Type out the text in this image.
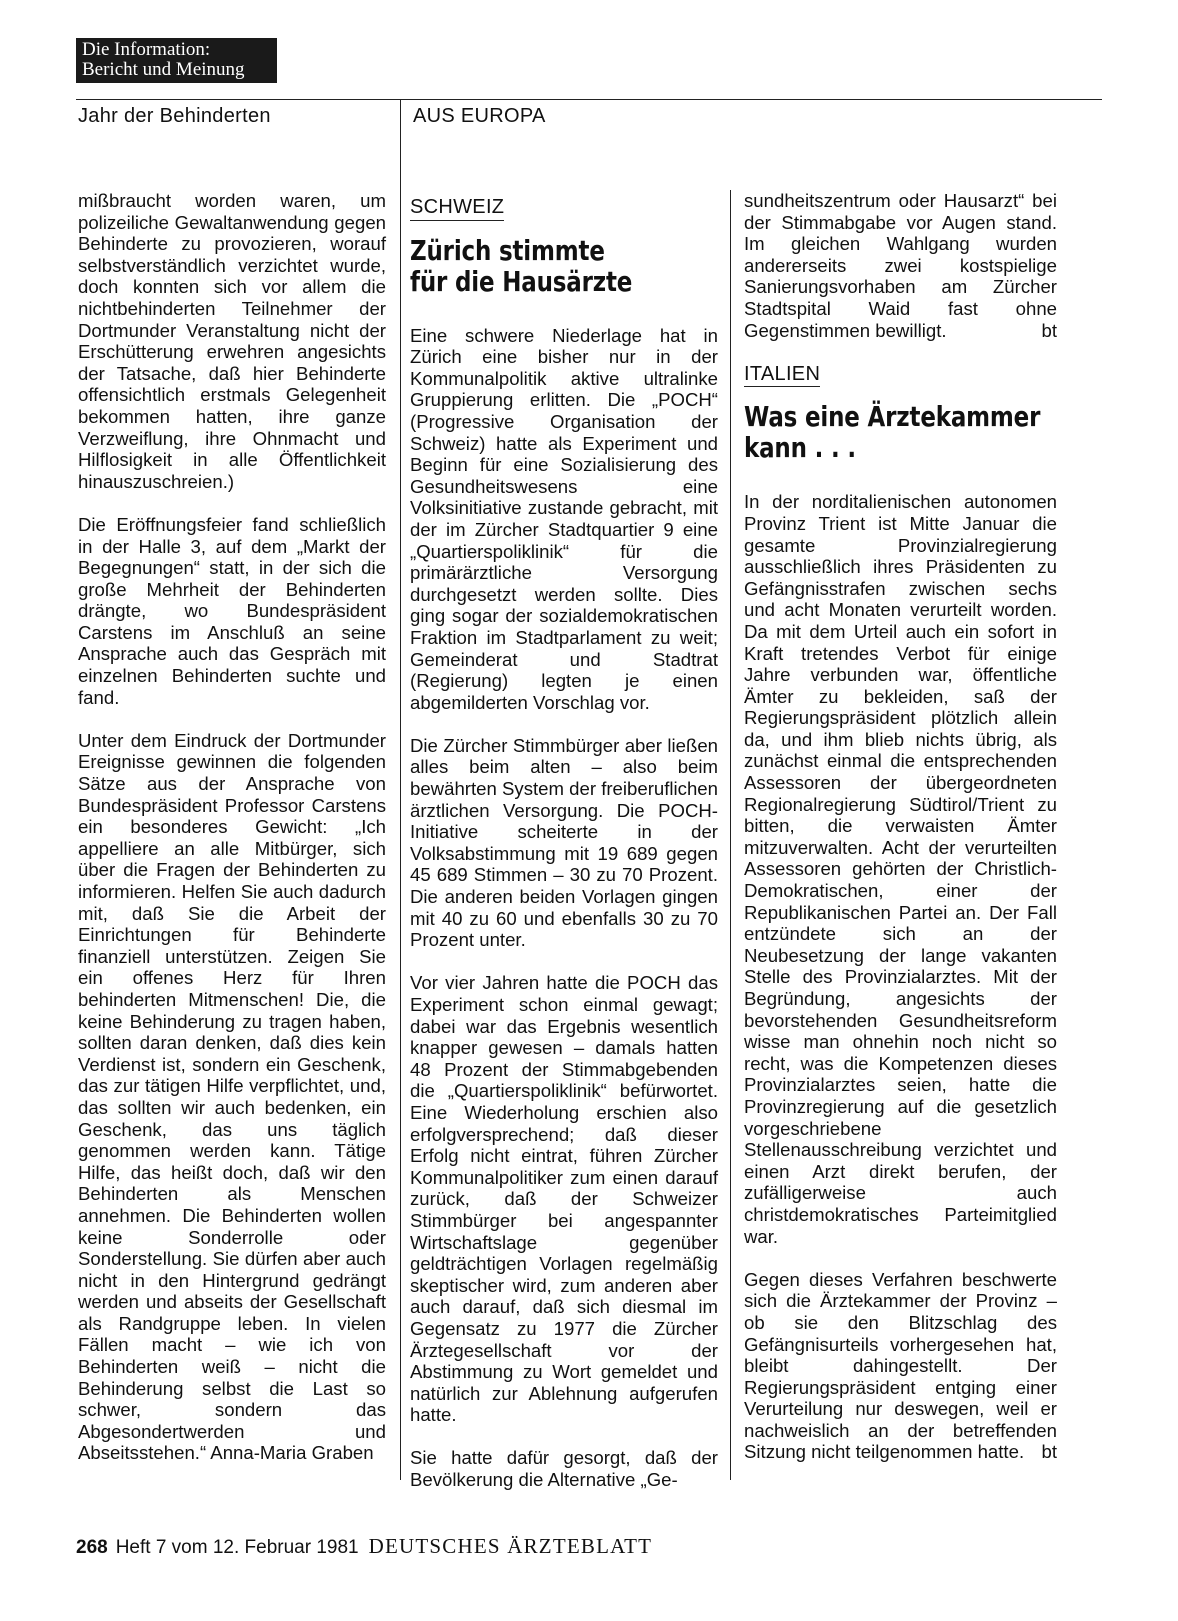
Die Information:
Bericht und Meinung
Jahr der Behinderten	AUS EUROPA

mißbraucht worden waren, um polizeiliche Gewaltanwendung gegen Behinderte zu provozieren, worauf selbstverständlich verzichtet wurde, doch konnten sich vor allem die nichtbehinderten Teilnehmer der Dortmunder Veranstaltung nicht der Erschütterung erwehren angesichts der Tatsache, daß hier Behinderte offensichtlich erstmals Gelegenheit bekommen hatten, ihre ganze Verzweiflung, ihre Ohnmacht und Hilflosigkeit in alle Öffentlichkeit hinauszuschreien.)

Die Eröffnungsfeier fand schließlich in der Halle 3, auf dem „Markt der Begegnungen“ statt, in der sich die große Mehrheit der Behinderten drängte, wo Bundespräsident Carstens im Anschluß an seine Ansprache auch das Gespräch mit einzelnen Behinderten suchte und fand.

Unter dem Eindruck der Dortmunder Ereignisse gewinnen die folgenden Sätze aus der Ansprache von Bundespräsident Professor Carstens ein besonderes Gewicht: „Ich appelliere an alle Mitbürger, sich über die Fragen der Behinderten zu informieren. Helfen Sie auch dadurch mit, daß Sie die Arbeit der Einrichtungen für Behinderte finanziell unterstützen. Zeigen Sie ein offenes Herz für Ihren behinderten Mitmenschen! Die, die keine Behinderung zu tragen haben, sollten daran denken, daß dies kein Verdienst ist, sondern ein Geschenk, das zur tätigen Hilfe verpflichtet, und, das sollten wir auch bedenken, ein Geschenk, das uns täglich genommen werden kann. Tätige Hilfe, das heißt doch, daß wir den Behinderten als Menschen annehmen. Die Behinderten wollen keine Sonderrolle oder Sonderstellung. Sie dürfen aber auch nicht in den Hintergrund gedrängt werden und abseits der Gesellschaft als Randgruppe leben. In vielen Fällen macht – wie ich von Behinderten weiß – nicht die Behinderung selbst die Last so schwer, sondern das Abgesondertwerden und Abseitsstehen.“ Anna-Maria Graben

SCHWEIZ
Zürich stimmte
für die Hausärzte

Eine schwere Niederlage hat in Zürich eine bisher nur in der Kommunalpolitik aktive ultralinke Gruppierung erlitten. Die „POCH“ (Progressive Organisation der Schweiz) hatte als Experiment und Beginn für eine Sozialisierung des Gesundheitswesens eine Volksinitiative zustande gebracht, mit der im Zürcher Stadtquartier 9 eine „Quartierspoliklinik“ für die primärärztliche Versorgung durchgesetzt werden sollte. Dies ging sogar der sozialdemokratischen Fraktion im Stadtparlament zu weit; Gemeinderat und Stadtrat (Regierung) legten je einen abgemilderten Vorschlag vor.

Die Zürcher Stimmbürger aber ließen alles beim alten – also beim bewährten System der freiberuflichen ärztlichen Versorgung. Die POCH-Initiative scheiterte in der Volksabstimmung mit 19 689 gegen 45 689 Stimmen – 30 zu 70 Prozent. Die anderen beiden Vorlagen gingen mit 40 zu 60 und ebenfalls 30 zu 70 Prozent unter.

Vor vier Jahren hatte die POCH das Experiment schon einmal gewagt; dabei war das Ergebnis wesentlich knapper gewesen – damals hatten 48 Prozent der Stimmabgebenden die „Quartierspoliklinik“ befürwortet. Eine Wiederholung erschien also erfolgversprechend; daß dieser Erfolg nicht eintrat, führen Zürcher Kommunalpolitiker zum einen darauf zurück, daß der Schweizer Stimmbürger bei angespannter Wirtschaftslage gegenüber geldträchtigen Vorlagen regelmäßig skeptischer wird, zum anderen aber auch darauf, daß sich diesmal im Gegensatz zu 1977 die Zürcher Ärztegesellschaft vor der Abstimmung zu Wort gemeldet und natürlich zur Ablehnung aufgerufen hatte.

Sie hatte dafür gesorgt, daß der Bevölkerung die Alternative „Ge-

sundheitszentrum oder Hausarzt“ bei der Stimmabgabe vor Augen stand. Im gleichen Wahlgang wurden andererseits zwei kostspielige Sanierungsvorhaben am Zürcher Stadtspital Waid fast ohne Gegenstimmen bewilligt.	bt

ITALIEN
Was eine Ärztekammer
kann . . .

In der norditalienischen autonomen Provinz Trient ist Mitte Januar die gesamte Provinzialregierung ausschließlich ihres Präsidenten zu Gefängnisstrafen zwischen sechs und acht Monaten verurteilt worden. Da mit dem Urteil auch ein sofort in Kraft tretendes Verbot für einige Jahre verbunden war, öffentliche Ämter zu bekleiden, saß der Regierungspräsident plötzlich allein da, und ihm blieb nichts übrig, als zunächst einmal die entsprechenden Assessoren der übergeordneten Regionalregierung Südtirol/Trient zu bitten, die verwaisten Ämter mitzuverwalten. Acht der verurteilten Assessoren gehörten der Christlich-Demokratischen, einer der Republikanischen Partei an. Der Fall entzündete sich an der Neubesetzung der lange vakanten Stelle des Provinzialarztes. Mit der Begründung, angesichts der bevorstehenden Gesundheitsreform wisse man ohnehin noch nicht so recht, was die Kompetenzen dieses Provinzialarztes seien, hatte die Provinzregierung auf die gesetzlich vorgeschriebene Stellenausschreibung verzichtet und einen Arzt direkt berufen, der zufälligerweise auch christdemokratisches Parteimitglied war.

Gegen dieses Verfahren beschwerte sich die Ärztekammer der Provinz – ob sie den Blitzschlag des Gefängnisurteils vorhergesehen hat, bleibt dahingestellt. Der Regierungspräsident entging einer Verurteilung nur deswegen, weil er nachweislich an der betreffenden Sitzung nicht teilgenommen hatte. bt

268 Heft 7 vom 12. Februar 1981 DEUTSCHES ÄRZTEBLATT
